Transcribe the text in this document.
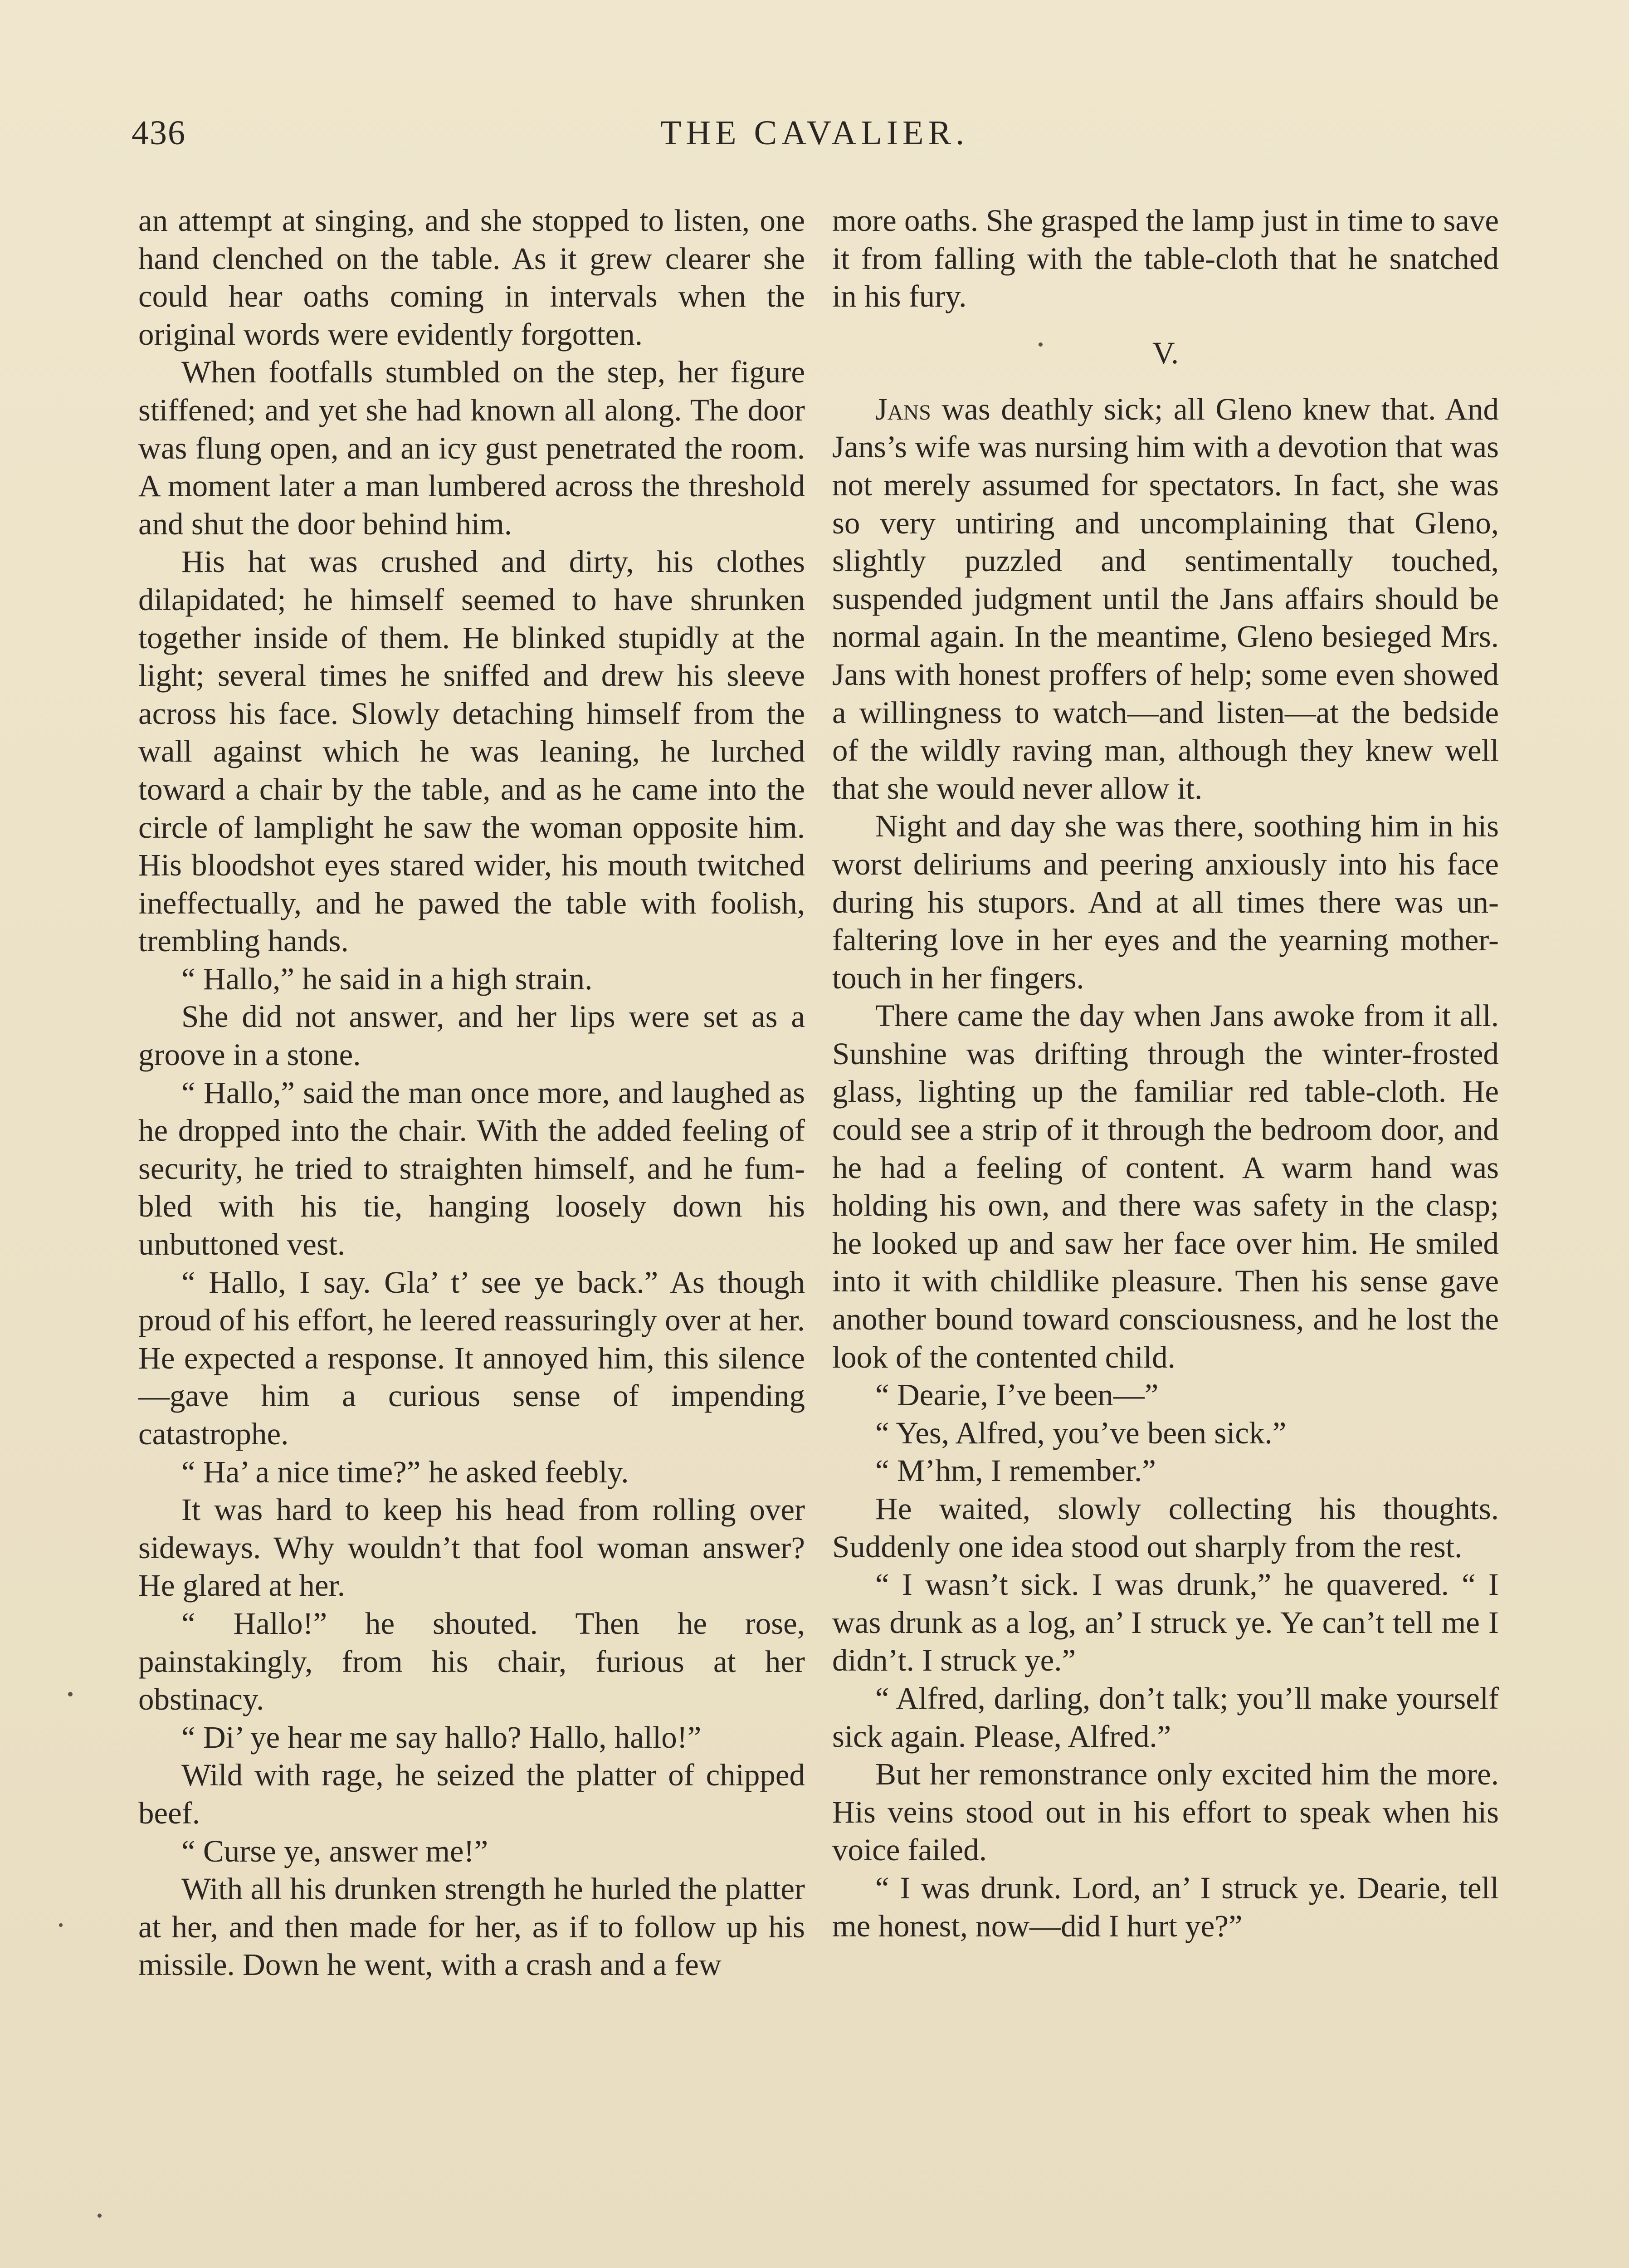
436	THE CAVALIER.

an attempt at singing, and she stopped to listen, one hand clenched on the table. As it grew clearer she could hear oaths coming in intervals when the original words were evidently forgotten.

When footfalls stumbled on the step, her figure stiffened; and yet she had known all along. The door was flung open, and an icy gust penetrated the room. A moment later a man lumbered across the threshold and shut the door behind him.

His hat was crushed and dirty, his clothes dilapidated; he himself seemed to have shrunken together inside of them. He blinked stupidly at the light; several times he sniffed and drew his sleeve across his face. Slowly detaching himself from the wall against which he was leaning, he lurched toward a chair by the table, and as he came into the circle of lamplight he saw the woman opposite him. His bloodshot eyes stared wider, his mouth twitched ineffectually, and he pawed the table with foolish, trembling hands.

“ Hallo,” he said in a high strain.

She did not answer, and her lips were set as a groove in a stone.

“ Hallo,” said the man once more, and laughed as he dropped into the chair. With the added feeling of security, he tried to straighten himself, and he fumbled with his tie, hanging loosely down his unbuttoned vest.

“ Hallo, I say. Gla’ t’ see ye back.” As though proud of his effort, he leered reassuringly over at her. He expected a response. It annoyed him, this silence —gave him a curious sense of impending catastrophe.

“ Ha’ a nice time?” he asked feebly.

It was hard to keep his head from rolling over sideways. Why wouldn’t that fool woman answer? He glared at her.

“ Hallo!” he shouted. Then he rose, painstakingly, from his chair, furious at her obstinacy.

“ Di’ ye hear me say hallo? Hallo, hallo!”

Wild with rage, he seized the platter of chipped beef.

“ Curse ye, answer me!”

With all his drunken strength he hurled the platter at her, and then made for her, as if to follow up his missile. Down he went, with a crash and a few

more oaths. She grasped the lamp just in time to save it from falling with the table-cloth that he snatched in his fury.

V.

Jans was deathly sick; all Gleno knew that. And Jans’s wife was nursing him with a devotion that was not merely assumed for spectators. In fact, she was so very untiring and uncomplaining that Gleno, slightly puzzled and sentimentally touched, suspended judgment until the Jans affairs should be normal again. In the meantime, Gleno besieged Mrs. Jans with honest proffers of help; some even showed a willingness to watch—and listen—at the bedside of the wildly raving man, although they knew well that she would never allow it.

Night and day she was there, soothing him in his worst deliriums and peering anxiously into his face during his stupors. And at all times there was unfaltering love in her eyes and the yearning mother-touch in her fingers.

There came the day when Jans awoke from it all. Sunshine was drifting through the winter-frosted glass, lighting up the familiar red table-cloth. He could see a strip of it through the bedroom door, and he had a feeling of content. A warm hand was holding his own, and there was safety in the clasp; he looked up and saw her face over him. He smiled into it with childlike pleasure. Then his sense gave another bound toward consciousness, and he lost the look of the contented child.

“ Dearie, I’ve been—”

“ Yes, Alfred, you’ve been sick.”

“ M’hm, I remember.”

He waited, slowly collecting his thoughts. Suddenly one idea stood out sharply from the rest.

“ I wasn’t sick. I was drunk,” he quavered. “ I was drunk as a log, an’ I struck ye. Ye can’t tell me I didn’t. I struck ye.”

“ Alfred, darling, don’t talk; you’ll make yourself sick again. Please, Alfred.”

But her remonstrance only excited him the more. His veins stood out in his effort to speak when his voice failed.

“ I was drunk. Lord, an’ I struck ye. Dearie, tell me honest, now—did I hurt ye?”
